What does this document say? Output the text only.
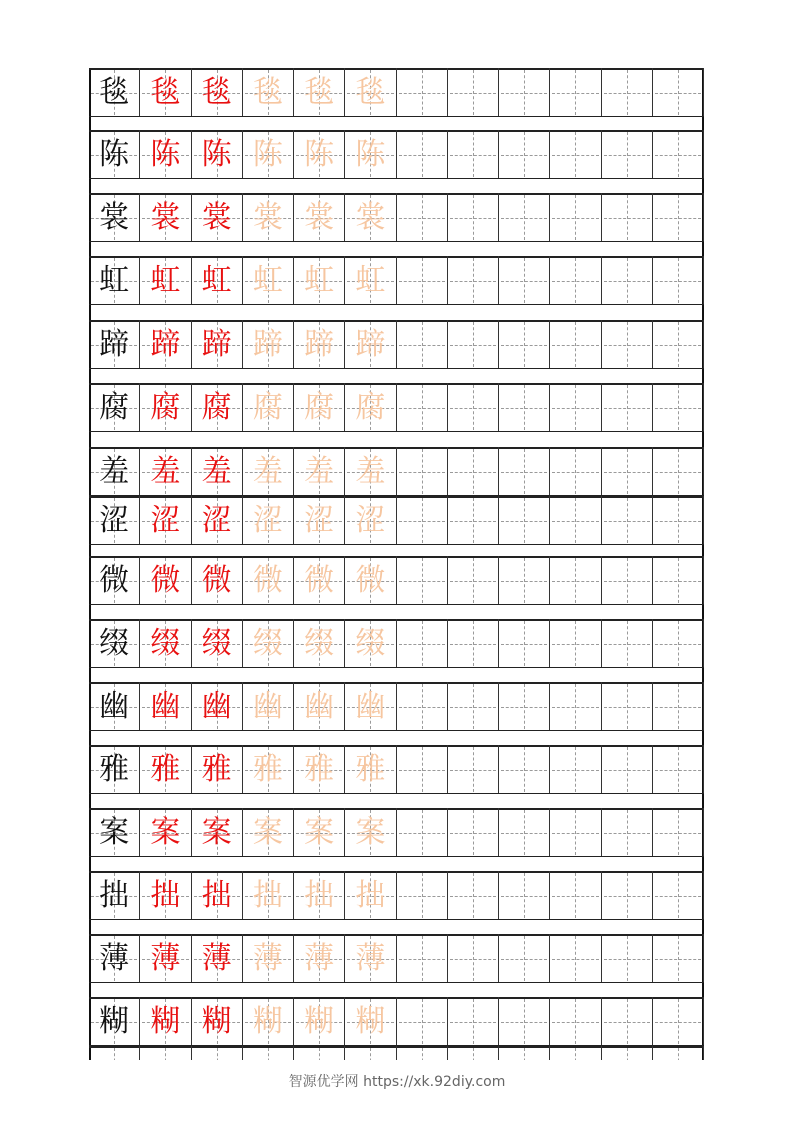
毯 毯 毯 毯 毯 毯
陈 陈 陈 陈 陈 陈
裳 裳 裳 裳 裳 裳
虹 虹 虹 虹 虹 虹
蹄 蹄 蹄 蹄 蹄 蹄
腐 腐 腐 腐 腐 腐
羞 羞 羞 羞 羞 羞
涩 涩 涩 涩 涩 涩
微 微 微 微 微 微
缀 缀 缀 缀 缀 缀
幽 幽 幽 幽 幽 幽
雅 雅 雅 雅 雅 雅
案 案 案 案 案 案
拙 拙 拙 拙 拙 拙
薄 薄 薄 薄 薄 薄
糊 糊 糊 糊 糊 糊
智源优学网 https://xk.92diy.com
